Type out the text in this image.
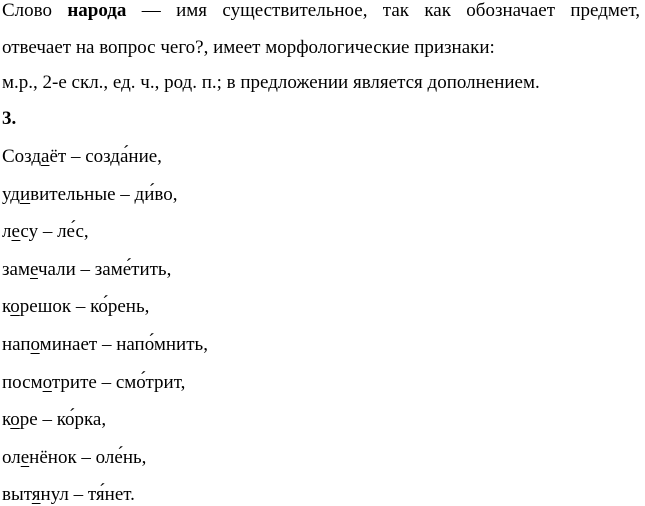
Слово народа — имя существительное, так как обозначает предмет,
отвечает на вопрос чего?, имеет морфологические признаки:
м.р., 2-е скл., ед. ч., род. п.; в предложении является дополнением.
3.
Создаёт – созда́ние,
удивительные – ди́во,
лесу – ле́с,
замечали – заме́тить,
корешок – ко́рень,
напоминает – напо́мнить,
посмотрите – смо́трит,
коре – ко́рка,
оленёнок – оле́нь,
вытянул – тя́нет.
